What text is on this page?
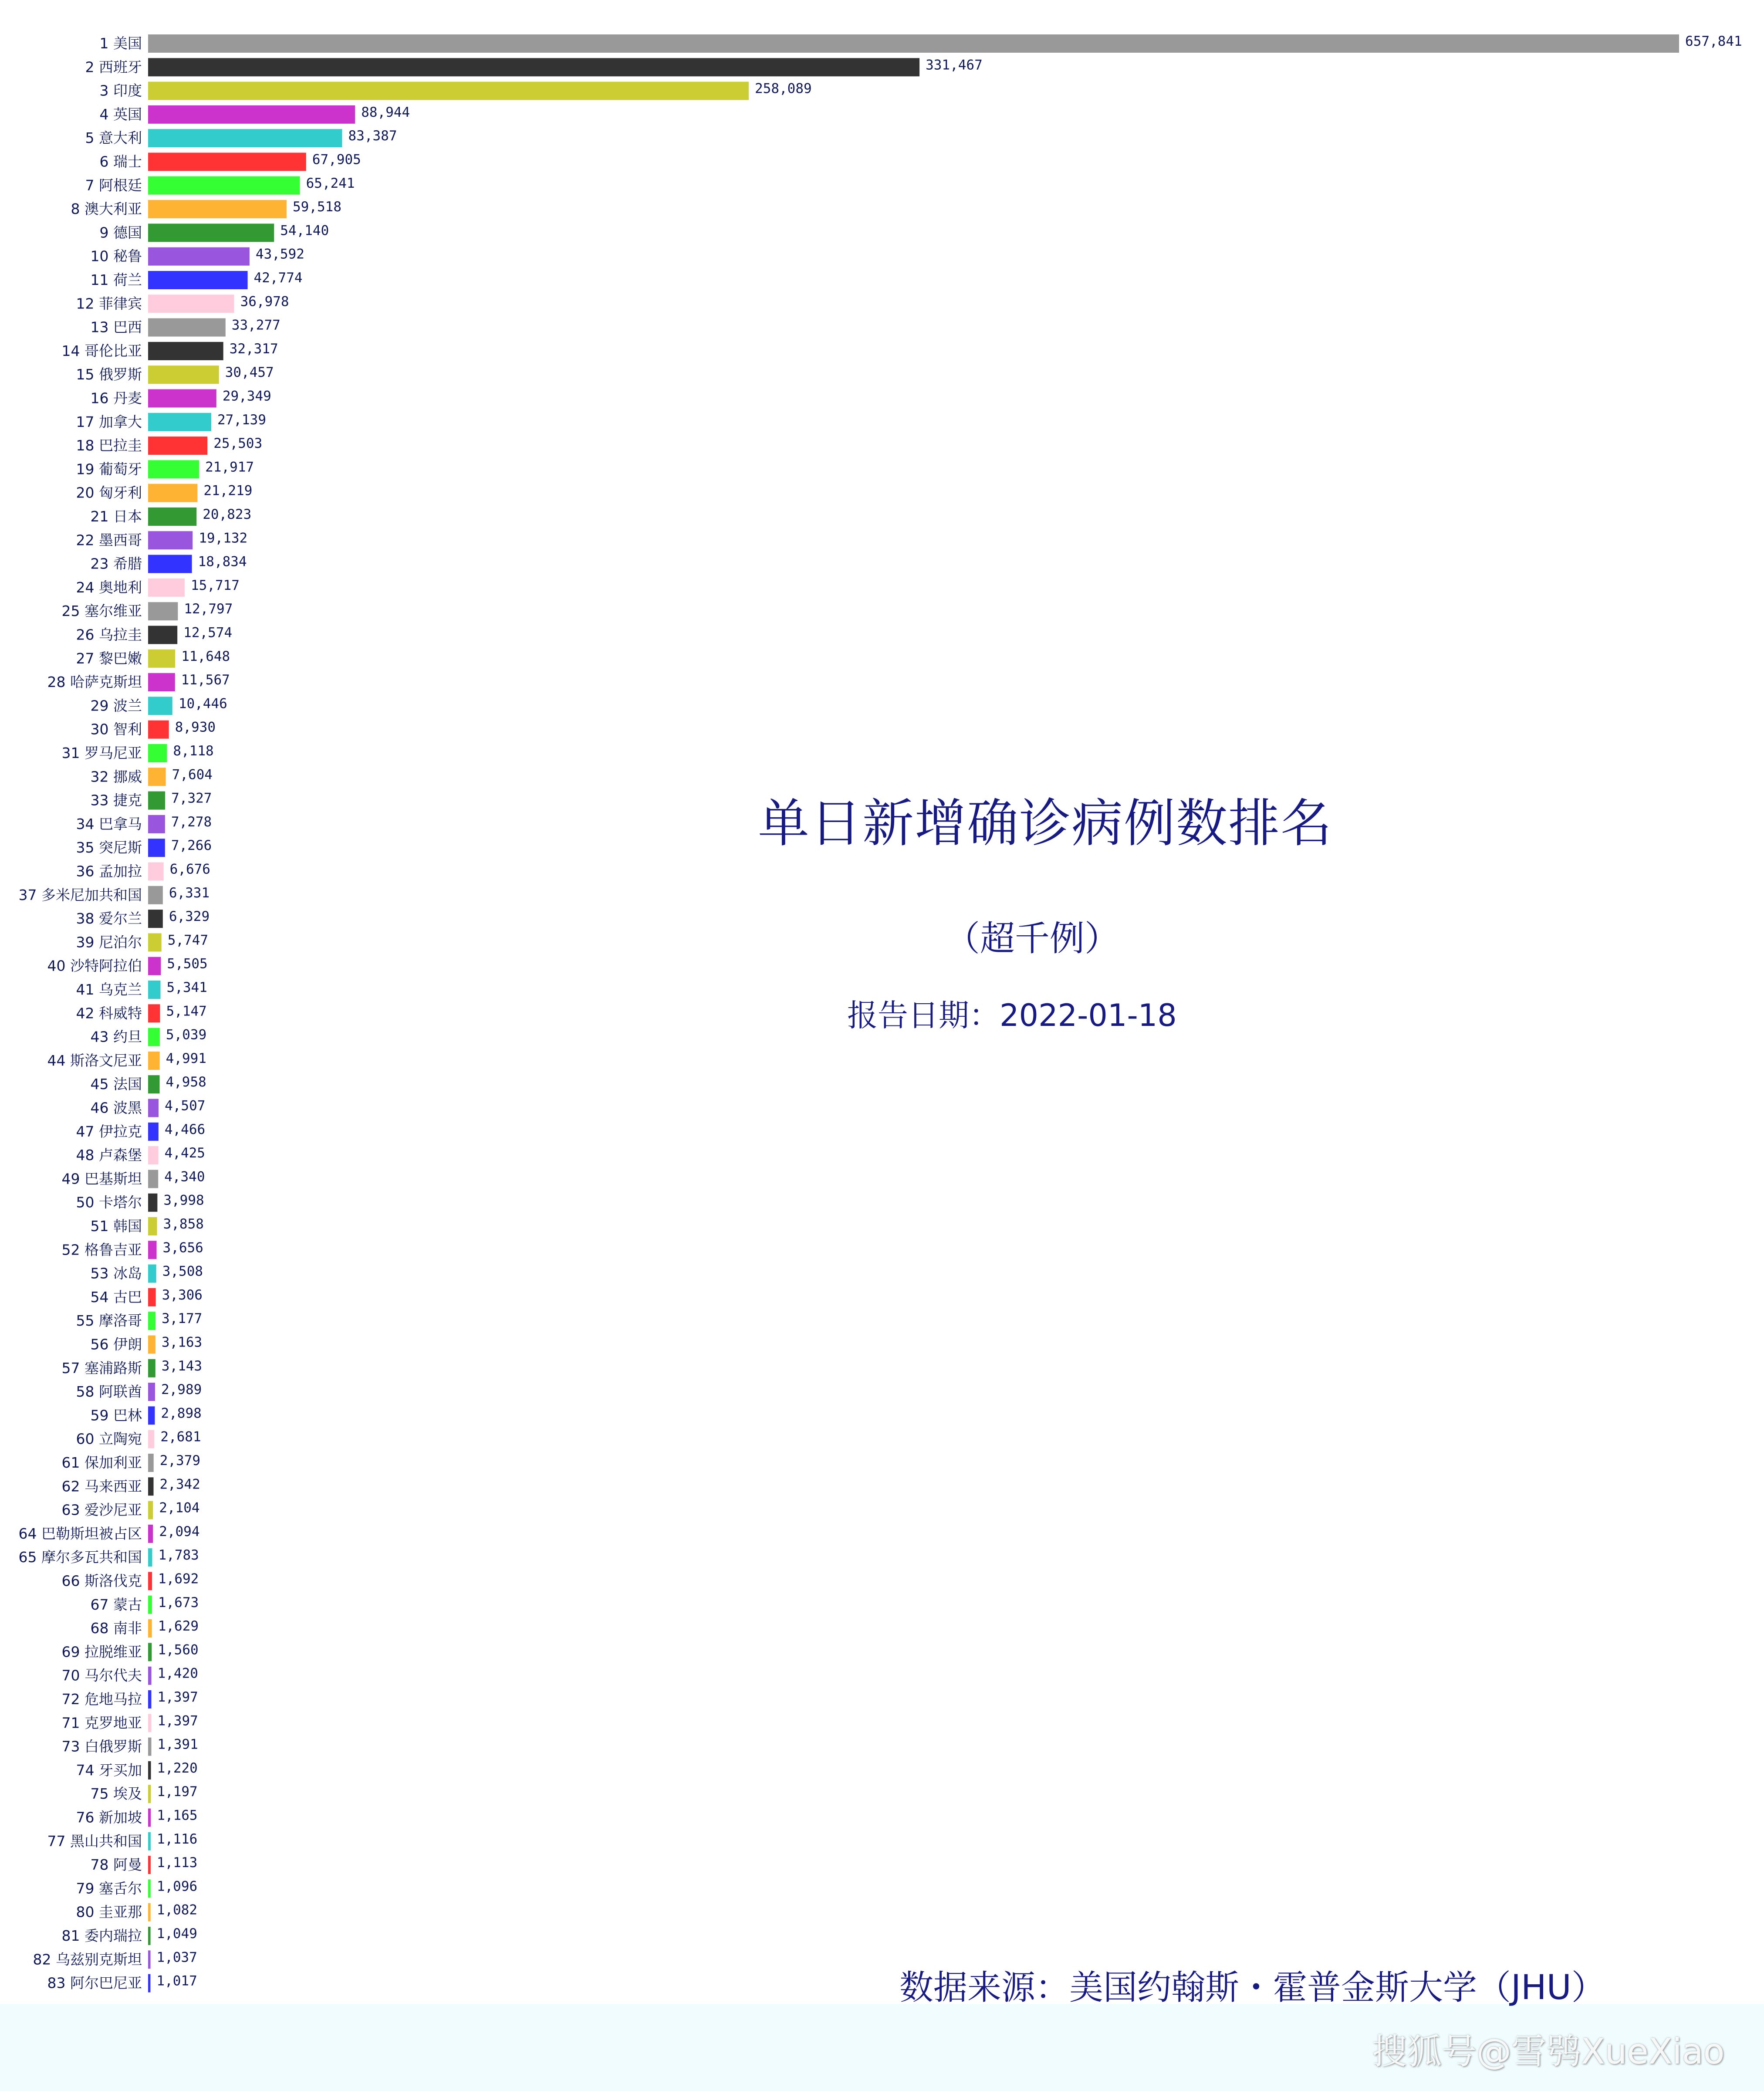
1 美国	657,841
2 西班牙	331,467
3 印度	258,089
4 英国	88,944
5 意大利	83,387
6 瑞士	67,905
7 阿根廷	65,241
8 澳大利亚	59,518
9 德国	54,140
10 秘鲁	43,592
11 荷兰	42,774
12 菲律宾	36,978
13 巴西	33,277
14 哥伦比亚	32,317
15 俄罗斯	30,457
16 丹麦	29,349
17 加拿大	27,139
18 巴拉圭	25,503
19 葡萄牙	21,917
20 匈牙利	21,219
21 日本	20,823
22 墨西哥	19,132
23 希腊	18,834
24 奥地利	15,717
25 塞尔维亚	12,797
26 乌拉圭	12,574
27 黎巴嫩	11,648
28 哈萨克斯坦	11,567
29 波兰	10,446
30 智利 8,930
31 罗马尼亚 8,118
32 挪威 7,604
33 捷克 7,327
34 巴拿马 7,278
35 突尼斯 7,266
36 孟加拉 6,676
37 多米尼加共和国 6,331
38 爱尔兰 6,329
39 尼泊尔 5,747
40 沙特阿拉伯 5,505
41 乌克兰 5,341
42 科威特 5,147
43 约旦 5,039
44 斯洛文尼亚 4,991
45 法国 4,958
46 波黑 4,507
47 伊拉克 4,466
48 卢森堡 4,425
49 巴基斯坦 4,340
50 卡塔尔 3,998
51 韩国 3,858
52 格鲁吉亚 3,656
53 冰岛 3,508
54 古巴 3,306
55 摩洛哥 3,177
56 伊朗 3,163
57 塞浦路斯 3,143
58 阿联酋 2,989
59 巴林 2,898
60 立陶宛 2,681
61 保加利亚 2,379
62 马来西亚 2,342
63 爱沙尼亚 2,104
64 巴勒斯坦被占区 2,094
65 摩尔多瓦共和国 1,783
66 斯洛伐克 1,692
67 蒙古 1,673
68 南非 1,629
69 拉脱维亚 1,560
70 马尔代夫 1,420
72 危地马拉 1,397
71 克罗地亚 1,397
73 白俄罗斯 1,391
74 牙买加 1,220
75 埃及 1,197
76 新加坡 1,165
77 黑山共和国 1,116
78 阿曼 1,113
79 塞舌尔 1,096
80 圭亚那 1,082
81 委内瑞拉 1,049
82 乌兹别克斯坦 1,037
83 阿尔巴尼亚 1,017
单日新增确诊病例数排名
（超千例）
报告日期：2022-01-18
数据来源：美国约翰斯・霍普金斯大学（JHU）
搜狐号@雪鸮XueXiao
